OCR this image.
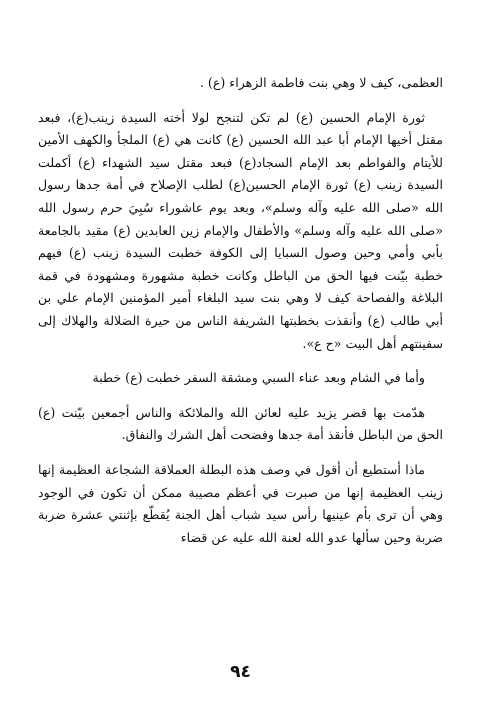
العظمى، كيف لا وهي بنت فاطمة الزهراء (ع) .

ثورة الإمام الحسين (ع) لم تكن لتنجح لولا أخته السيدة زينب(ع)، فبعد مقتل أخيها الإمام أبا عبد الله الحسين (ع) كانت هي (ع) الملجأ والكهف الأمين للأيتام والفواطم بعد الإمام السجاد(ع) فبعد مقتل سيد الشهداء (ع) أكملت السيدة زينب (ع) ثورة الإمام الحسين(ع) لطلب الإصلاح في أمة جدها رسول الله «صلى الله عليه وآله وسلم»، وبعد يوم عاشوراء سُبِيَ حرم رسول الله «صلى الله عليه وآله وسلم» والأطفال والإمام زين العابدين (ع) مقيد بالجامعة بأبي وأمي وحين وصول السبايا إلى الكوفة خطبت السيدة زينب (ع) فيهم خطبة بيّنت فيها الحق من الباطل وكانت خطبة مشهورة ومشهودة في قمة البلاغة والفصاحة كيف لا وهي بنت سيد البلغاء أمير المؤمنين الإمام علي بن أبي طالب (ع) وأنقذت بخطبتها الشريفة الناس من حيرة الضلالة والهلاك إلى سفينتهم أهل البيت «ح ع».

وأما في الشام وبعد عناء السبي ومشقة السفر خطبت (ع) خطبة

هدّمت بها قصر يزيد عليه لعائن الله والملائكة والناس أجمعين بيّنت (ع) الحق من الباطل فأنقذ أمة جدها وفضحت أهل الشرك والنفاق.

ماذا أستطيع أن أقول في وصف هذه البطلة العملاقة الشجاعة العظيمة إنها زينب العظيمة إنها من صبرت في أعظم مصيبة ممكن أن تكون في الوجود وهي أن ترى بأم عينيها رأس سيد شباب أهل الجنة يُقطّع بإثنتي عشرة ضربة ضربة وحين سألها عدو الله لعنة الله عليه عن قضاء

٩٤
